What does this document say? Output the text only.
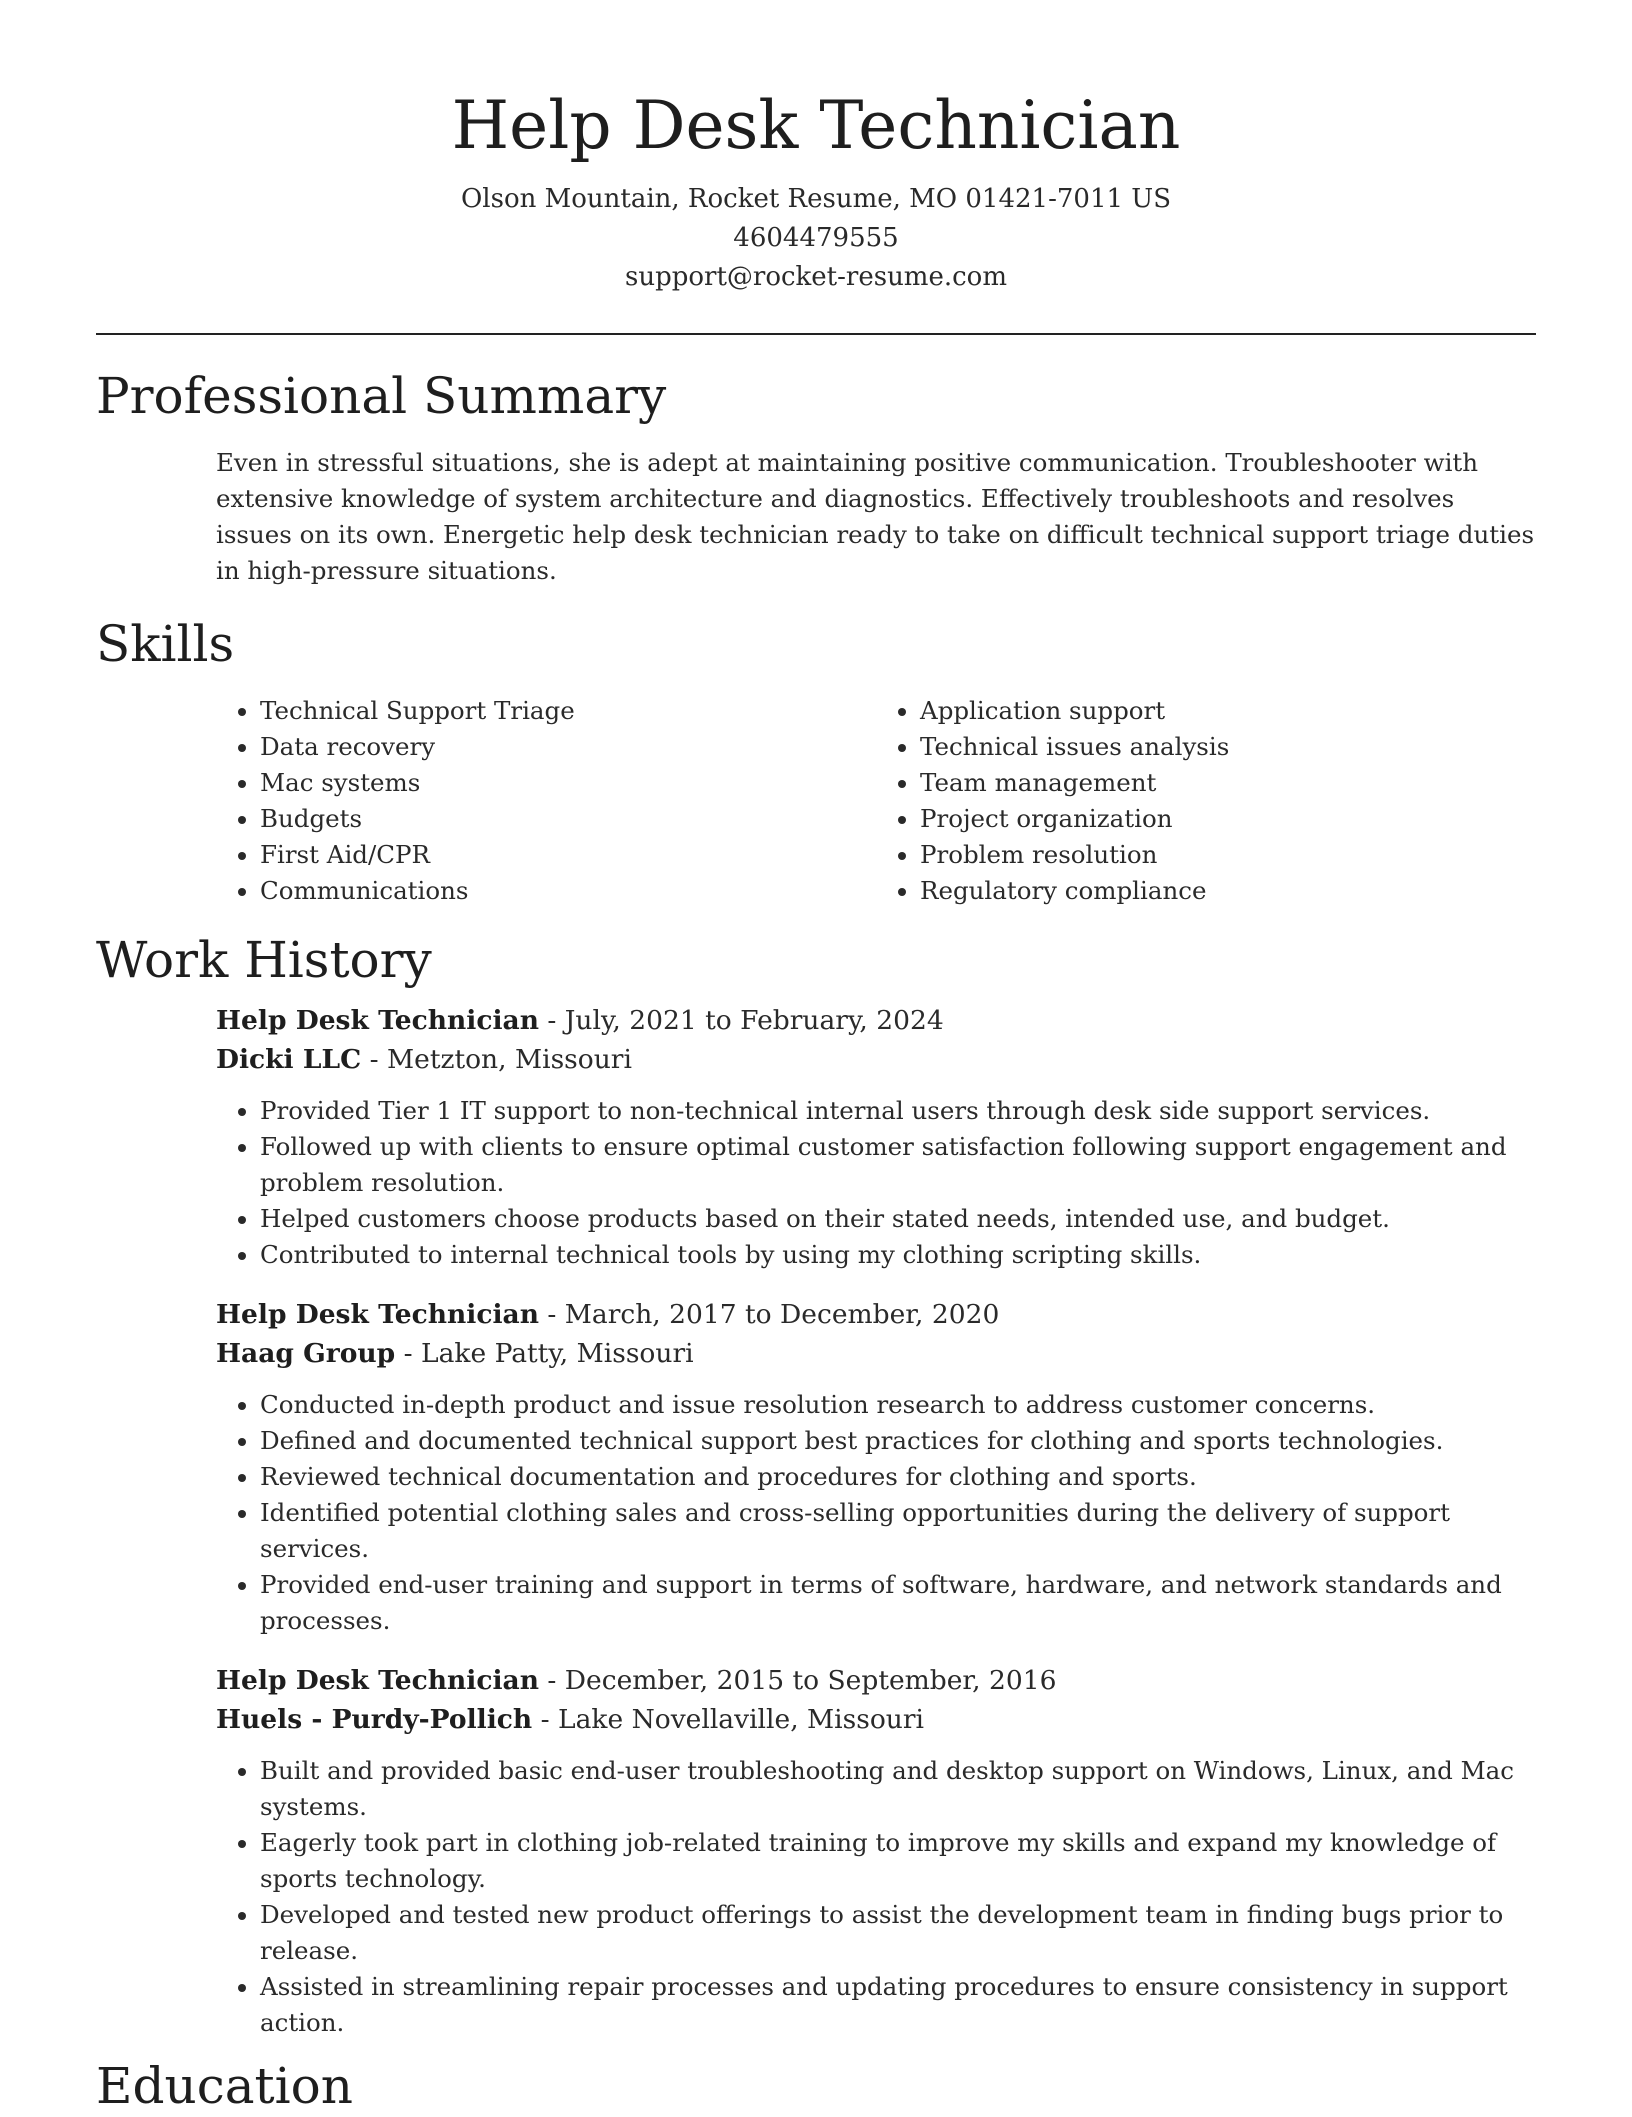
Help Desk Technician
Olson Mountain, Rocket Resume, MO 01421-7011 US
4604479555
support@rocket-resume.com
Professional Summary

Even in stressful situations, she is adept at maintaining positive communication. Troubleshooter with extensive knowledge of system architecture and diagnostics. Effectively troubleshoots and resolves issues on its own. Energetic help desk technician ready to take on difficult technical support triage duties in high-pressure situations.

Skills
• Technical Support Triage
• Data recovery
• Mac systems
• Budgets
• First Aid/CPR
• Communications
• Application support
• Technical issues analysis
• Team management
• Project organization
• Problem resolution
• Regulatory compliance
Work History
Help Desk Technician - July, 2021 to February, 2024
Dicki LLC - Metzton, Missouri
• Provided Tier 1 IT support to non-technical internal users through desk side support services.
• Followed up with clients to ensure optimal customer satisfaction following support engagement and problem resolution.
• Helped customers choose products based on their stated needs, intended use, and budget.
• Contributed to internal technical tools by using my clothing scripting skills.
Help Desk Technician - March, 2017 to December, 2020
Haag Group - Lake Patty, Missouri
• Conducted in-depth product and issue resolution research to address customer concerns.
• Defined and documented technical support best practices for clothing and sports technologies.
• Reviewed technical documentation and procedures for clothing and sports.
• Identified potential clothing sales and cross-selling opportunities during the delivery of support services.
• Provided end-user training and support in terms of software, hardware, and network standards and processes.
Help Desk Technician - December, 2015 to September, 2016
Huels - Purdy-Pollich - Lake Novellaville, Missouri
• Built and provided basic end-user troubleshooting and desktop support on Windows, Linux, and Mac systems.
• Eagerly took part in clothing job-related training to improve my skills and expand my knowledge of sports technology.
• Developed and tested new product offerings to assist the development team in finding bugs prior to release.
• Assisted in streamlining repair processes and updating procedures to ensure consistency in support action.
Education
